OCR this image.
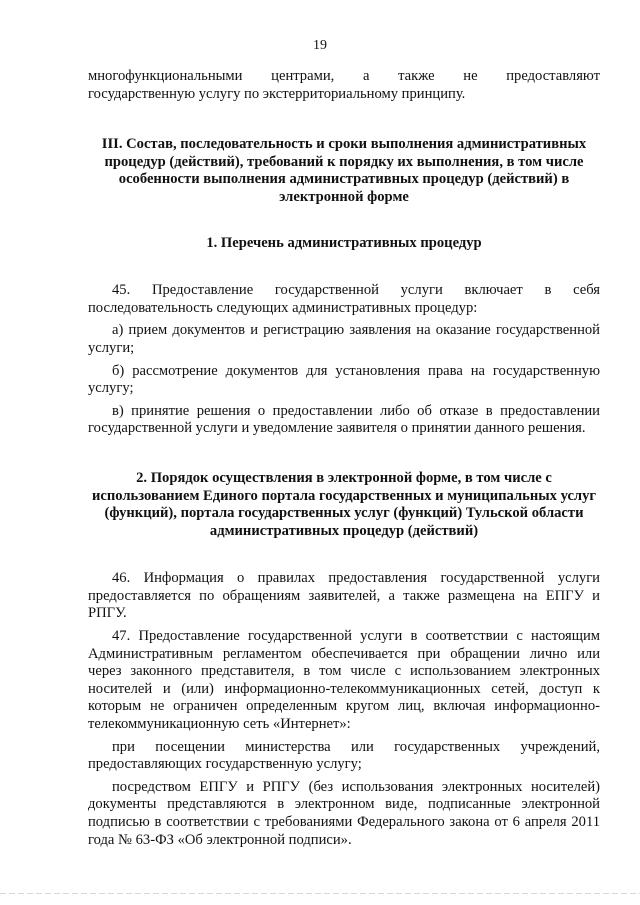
19

многофункциональными центрами, а также не предоставляют

государственную услугу по экстерриториальному принципу.

III. Состав, последовательность и сроки выполнения административных процедур (действий), требований к порядку их выполнения, в том числе особенности выполнения административных процедур (действий) в электронной форме
1. Перечень административных процедур

45. Предоставление государственной услуги включает в себя последовательность следующих административных процедур:

а) прием документов и регистрацию заявления на оказание государственной услуги;

б) рассмотрение документов для установления права на государственную услугу;

в) принятие решения о предоставлении либо об отказе в предоставлении государственной услуги и уведомление заявителя о принятии данного решения.

2. Порядок осуществления в электронной форме, в том числе с использованием Единого портала государственных и муниципальных услуг (функций), портала государственных услуг (функций) Тульской области административных процедур (действий)

46. Информация о правилах предоставления государственной услуги предоставляется по обращениям заявителей, а также размещена на ЕПГУ и РПГУ.

47. Предоставление государственной услуги в соответствии с настоящим Административным регламентом обеспечивается при обращении лично или через законного представителя, в том числе с использованием электронных носителей и (или) информационно-телекоммуникационных сетей, доступ к которым не ограничен определенным кругом лиц, включая информационно-телекоммуникационную сеть «Интернет»:

при посещении министерства или государственных учреждений, предоставляющих государственную услугу;

посредством ЕПГУ и РПГУ (без использования электронных носителей) документы представляются в электронном виде, подписанные электронной подписью в соответствии с требованиями Федерального закона от 6 апреля 2011 года № 63-ФЗ «Об электронной подписи».
